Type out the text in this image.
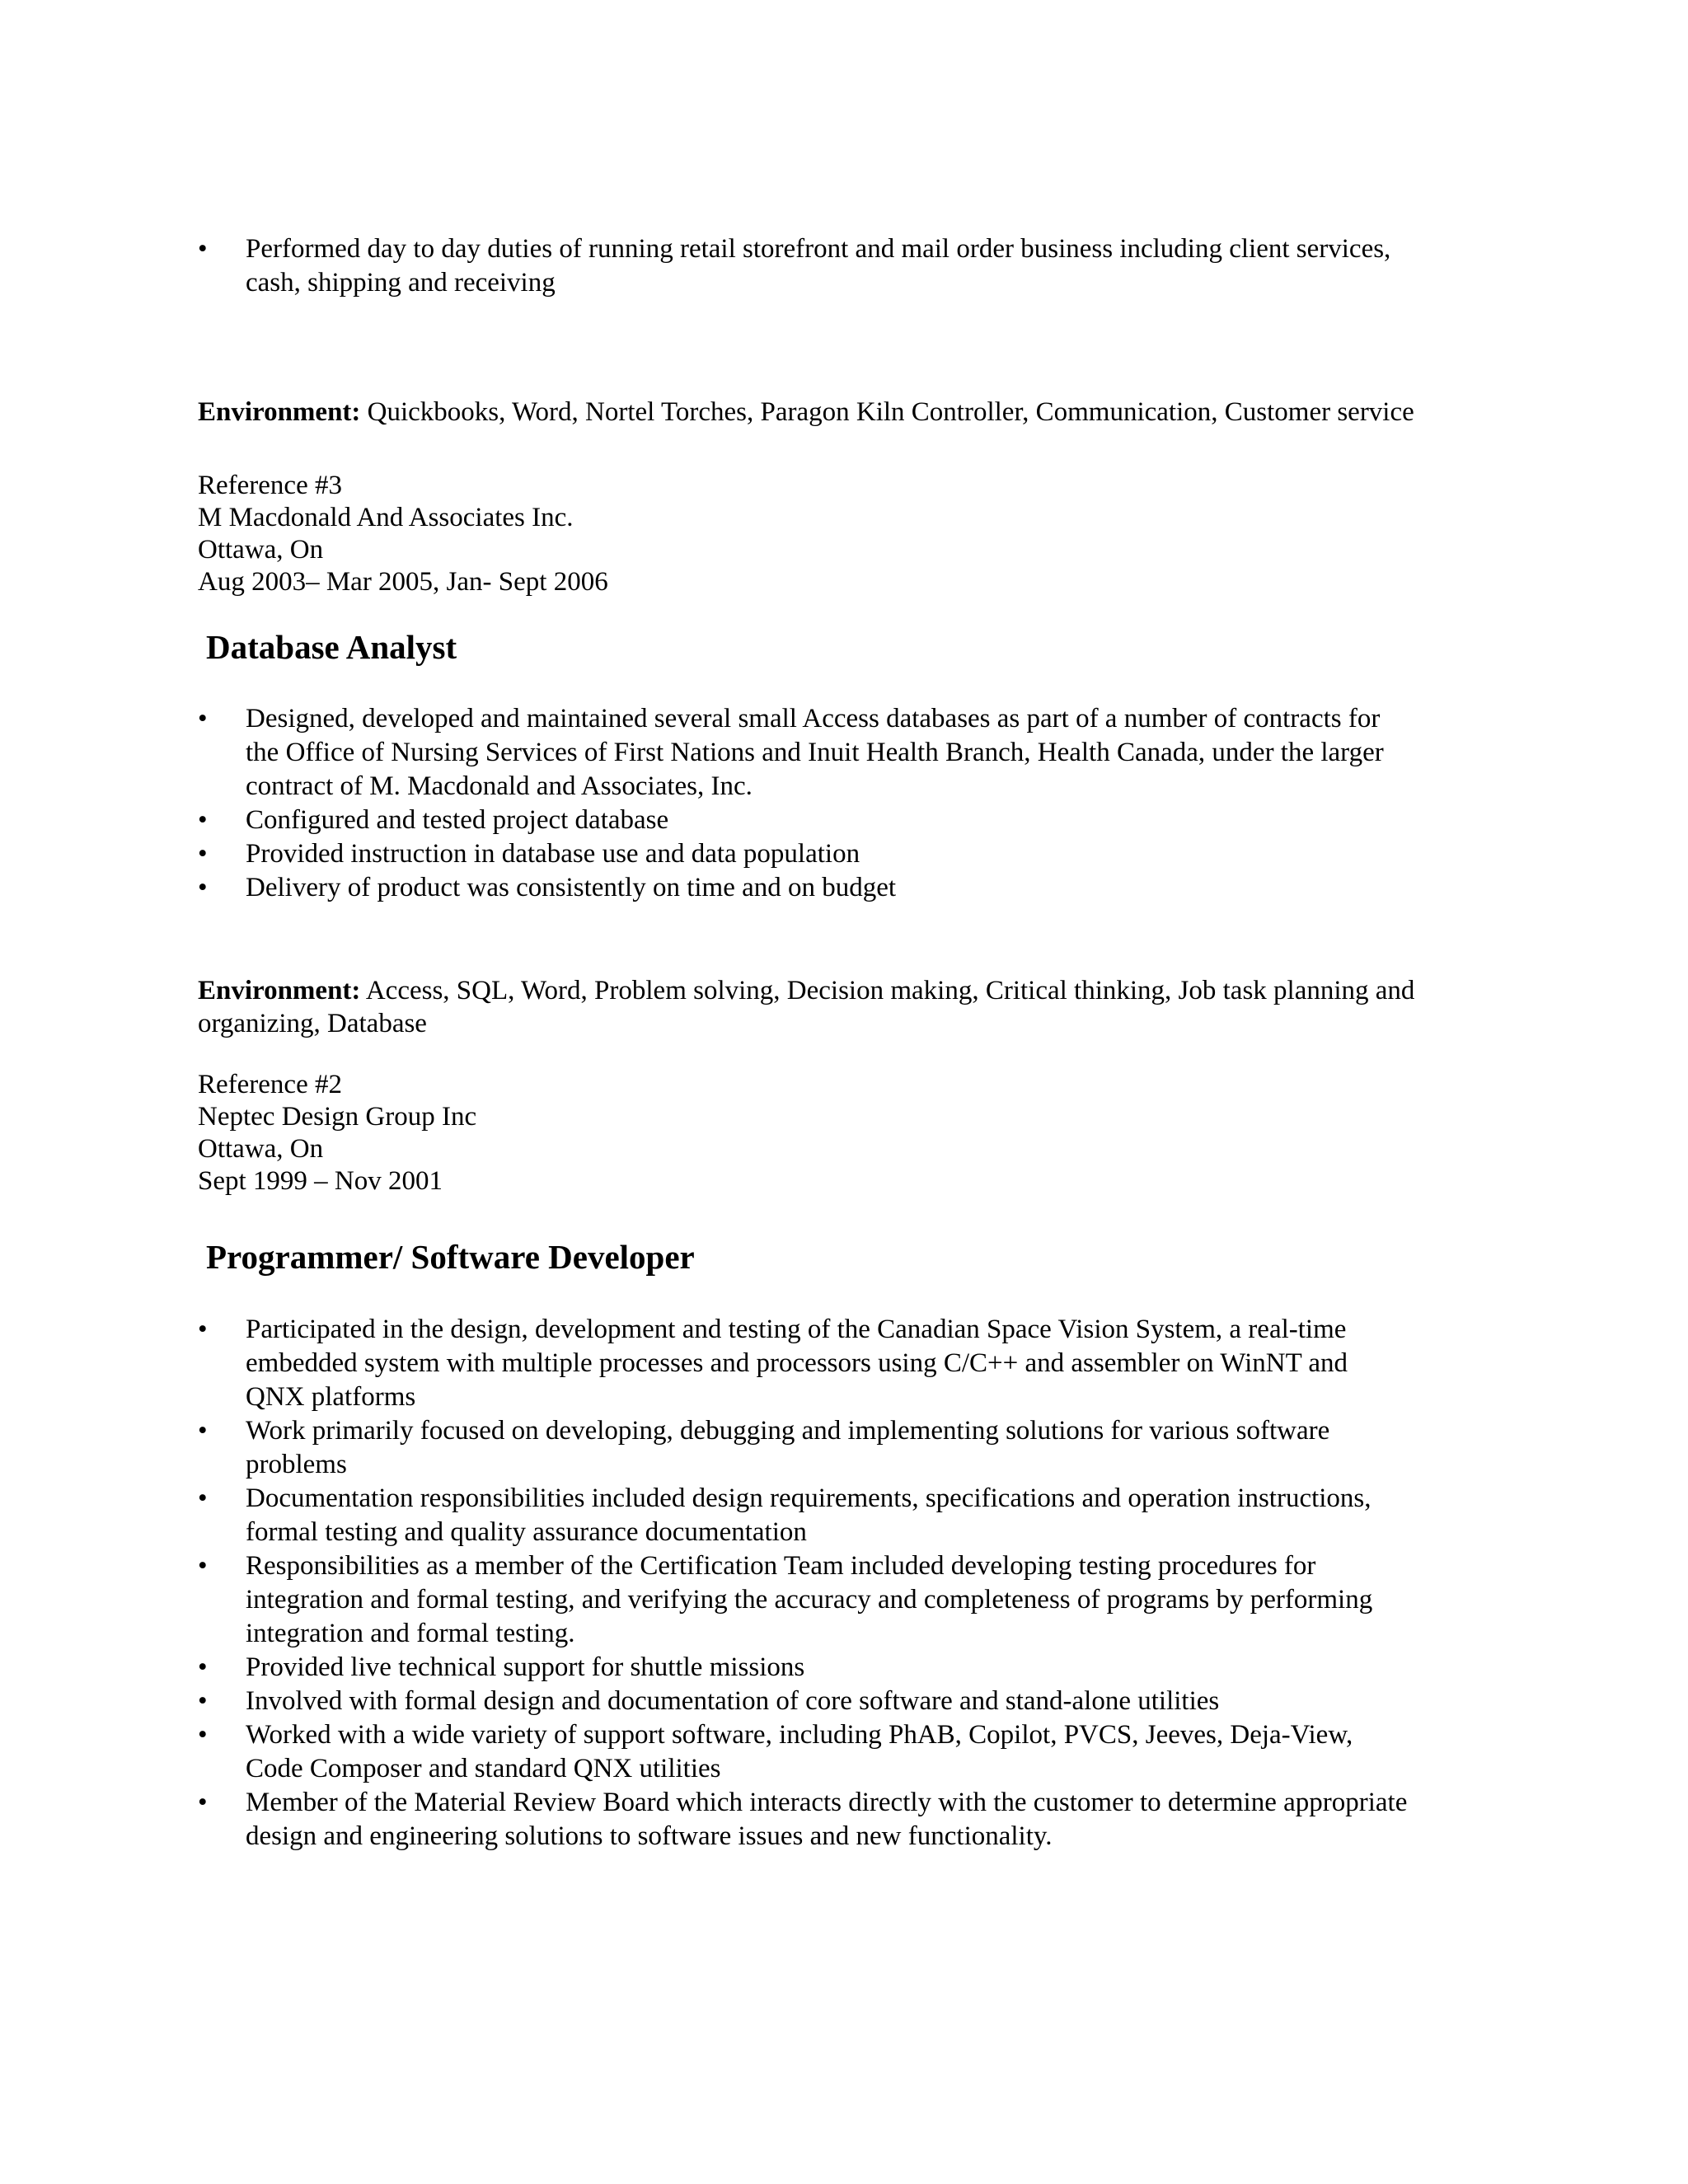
• Performed day to day duties of running retail storefront and mail order business including client services,
cash, shipping and receiving

Environment: Quickbooks, Word, Nortel Torches, Paragon Kiln Controller, Communication, Customer service

Reference #3
M Macdonald And Associates Inc.
Ottawa, On
Aug 2003– Mar 2005, Jan- Sept 2006
Database Analyst
• Designed, developed and maintained several small Access databases as part of a number of contracts for
the Office of Nursing Services of First Nations and Inuit Health Branch, Health Canada, under the larger
contract of M. Macdonald and Associates, Inc.
• Configured and tested project database
• Provided instruction in database use and data population
• Delivery of product was consistently on time and on budget

Environment: Access, SQL, Word, Problem solving, Decision making, Critical thinking, Job task planning and
organizing, Database

Reference #2
Neptec Design Group Inc
Ottawa, On
Sept 1999 – Nov 2001
Programmer/ Software Developer
• Participated in the design, development and testing of the Canadian Space Vision System, a real-time
embedded system with multiple processes and processors using C/C++ and assembler on WinNT and
QNX platforms
• Work primarily focused on developing, debugging and implementing solutions for various software
problems
• Documentation responsibilities included design requirements, specifications and operation instructions,
formal testing and quality assurance documentation
• Responsibilities as a member of the Certification Team included developing testing procedures for
integration and formal testing, and verifying the accuracy and completeness of programs by performing
integration and formal testing.
• Provided live technical support for shuttle missions
• Involved with formal design and documentation of core software and stand-alone utilities
• Worked with a wide variety of support software, including PhAB, Copilot, PVCS, Jeeves, Deja-View,
Code Composer and standard QNX utilities
• Member of the Material Review Board which interacts directly with the customer to determine appropriate
design and engineering solutions to software issues and new functionality.
